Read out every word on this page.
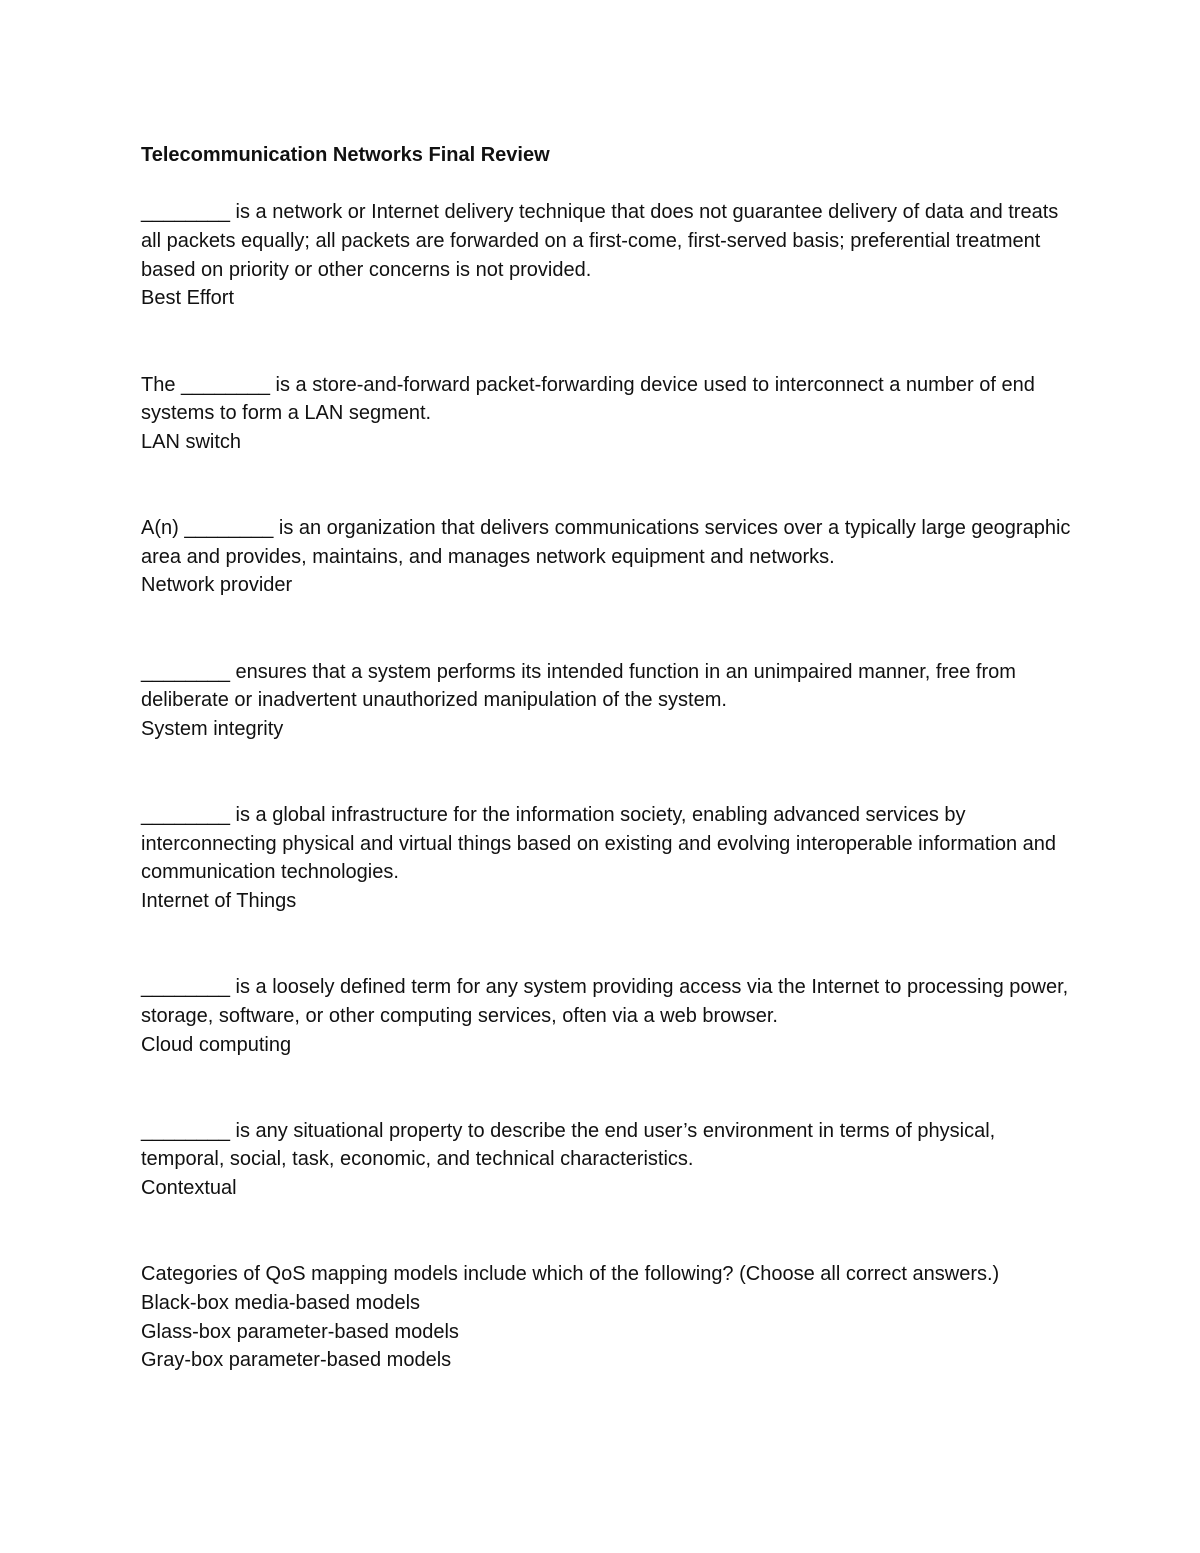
Telecommunication Networks Final Review

________ is a network or Internet delivery technique that does not guarantee delivery of data and treats all packets equally; all packets are forwarded on a first-come, first-served basis; preferential treatment based on priority or other concerns is not provided.

Best Effort

The ________ is a store-and-forward packet-forwarding device used to interconnect a number of end systems to form a LAN segment.

LAN switch

A(n) ________ is an organization that delivers communications services over a typically large geographic area and provides, maintains, and manages network equipment and networks.

Network provider

________ ensures that a system performs its intended function in an unimpaired manner, free from deliberate or inadvertent unauthorized manipulation of the system.

System integrity

________ is a global infrastructure for the information society, enabling advanced services by interconnecting physical and virtual things based on existing and evolving interoperable information and communication technologies.

Internet of Things

________ is a loosely defined term for any system providing access via the Internet to processing power, storage, software, or other computing services, often via a web browser.

Cloud computing

________ is any situational property to describe the end user’s environment in terms of physical, temporal, social, task, economic, and technical characteristics.

Contextual

Categories of QoS mapping models include which of the following? (Choose all correct answers.)

Black-box media-based models
Glass-box parameter-based models
Gray-box parameter-based models
